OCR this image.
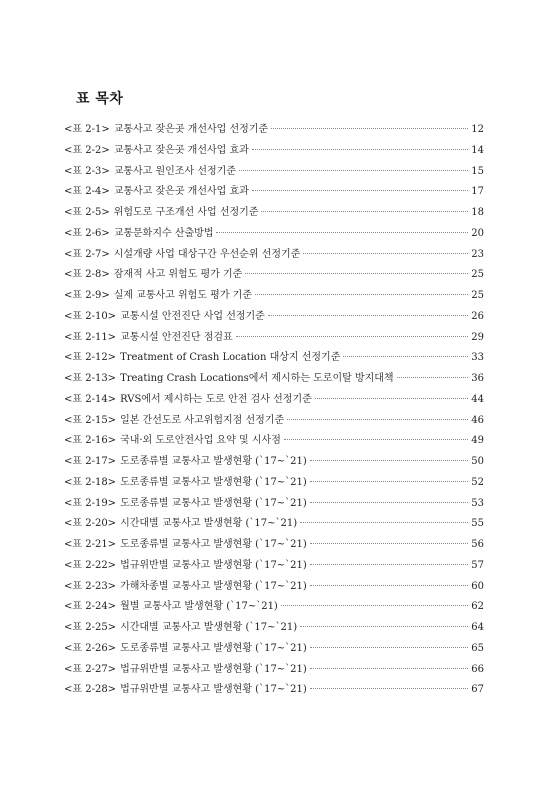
표 목차
<표 2-1> 교통사고 잦은곳 개선사업 선정기준	12
<표 2-2> 교통사고 잦은곳 개선사업 효과	14
<표 2-3> 교통사고 원인조사 선정기준	15
<표 2-4> 교통사고 잦은곳 개선사업 효과	17
<표 2-5> 위험도로 구조개선 사업 선정기준	18
<표 2-6> 교통문화지수 산출방법	20
<표 2-7> 시설개량 사업 대상구간 우선순위 선정기준	23
<표 2-8> 잠재적 사고 위험도 평가 기준	25
<표 2-9> 실제 교통사고 위험도 평가 기준	25
<표 2-10> 교통시설 안전진단 사업 선정기준	26
<표 2-11> 교통시설 안전진단 점검표	29
<표 2-12> Treatment of Crash Location 대상지 선정기준	33
<표 2-13> Treating Crash Locations에서 제시하는 도로이탈 방지대책	36
<표 2-14> RVS에서 제시하는 도로 안전 검사 선정기준	44
<표 2-15> 일본 간선도로 사고위험지점 선정기준	46
<표 2-16> 국내·외 도로안전사업 요약 및 시사점	49
<표 2-17> 도로종류별 교통사고 발생현황 (`17~`21)	50
<표 2-18> 도로종류별 교통사고 발생현황 (`17~`21)	52
<표 2-19> 도로종류별 교통사고 발생현황 (`17~`21)	53
<표 2-20> 시간대별 교통사고 발생현황 (`17~`21)	55
<표 2-21> 도로종류별 교통사고 발생현황 (`17~`21)	56
<표 2-22> 법규위반별 교통사고 발생현황 (`17~`21)	57
<표 2-23> 가해차종별 교통사고 발생현황 (`17~`21)	60
<표 2-24> 월별 교통사고 발생현황 (`17~`21)	62
<표 2-25> 시간대별 교통사고 발생현황 (`17~`21)	64
<표 2-26> 도로종류별 교통사고 발생현황 (`17~`21)	65
<표 2-27> 법규위반별 교통사고 발생현황 (`17~`21)	66
<표 2-28> 법규위반별 교통사고 발생현황 (`17~`21)	67
